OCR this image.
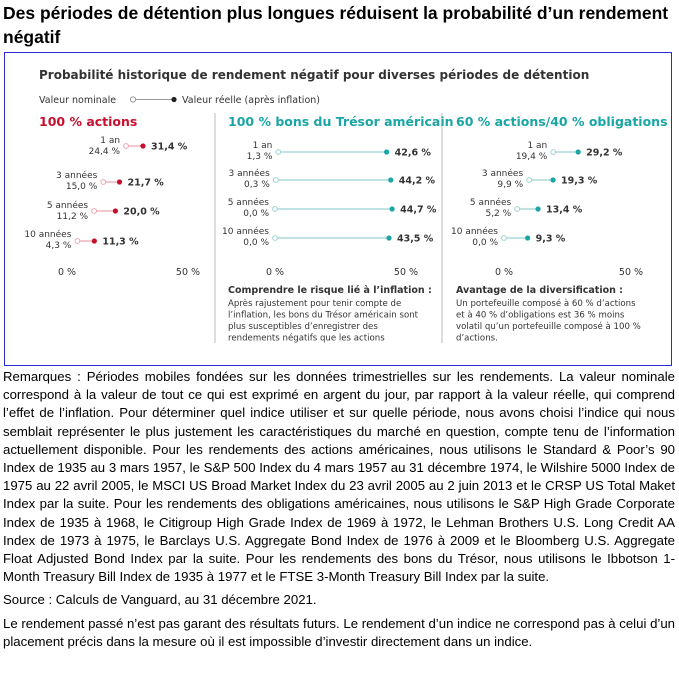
Des périodes de détention plus longues réduisent la probabilité d’un rendement négatif
Probabilité historique de rendement négatif pour diverses périodes de détention
Valeur nominale	Valeur réelle (après inflation)
100 % actions
1 an
24,4 %	31,4 %
3 années
15,0 %	21,7 %
5 années
11,2 %	20,0 %
10 années
4,3 %	11,3 %
0 %	50 %
100 % bons du Trésor américain
1 an
1,3 %	42,6 %
3 années
0,3 %	44,2 %
5 années
0,0 %	44,7 %
10 années
0,0 %	43,5 %
0 %	50 %
Comprendre le risque lié à l’inflation :
Après rajustement pour tenir compte de
l’inflation, les bons du Trésor américain sont
plus susceptibles d’enregistrer des
rendements négatifs que les actions
60 % actions/40 % obligations
1 an
19,4 %	29,2 %
3 années
9,9 %	19,3 %
5 années
5,2 %	13,4 %
10 années
0,0 %	9,3 %
0 %	50 %
Avantage de la diversification :
Un portefeuille composé à 60 % d’actions
et à 40 % d’obligations est 36 % moins
volatil qu’un portefeuille composé à 100 %
d’actions.

Remarques : Périodes mobiles fondées sur les données trimestrielles sur les rendements. La valeur nominale correspond à la valeur de tout ce qui est exprimé en argent du jour, par rapport à la valeur réelle, qui comprend l’effet de l’inflation. Pour déterminer quel indice utiliser et sur quelle période, nous avons choisi l’indice qui nous semblait représenter le plus justement les caractéristiques du marché en question, compte tenu de l’information actuellement disponible. Pour les rendements des actions américaines, nous utilisons le Standard & Poor’s 90 Index de 1935 au 3 mars 1957, le S&P 500 Index du 4 mars 1957 au 31 décembre 1974, le Wilshire 5000 Index de 1975 au 22 avril 2005, le MSCI US Broad Market Index du 23 avril 2005 au 2 juin 2013 et le CRSP US Total Maket Index par la suite. Pour les rendements des obligations américaines, nous utilisons le S&P High Grade Corporate Index de 1935 à 1968, le Citigroup High Grade Index de 1969 à 1972, le Lehman Brothers U.S. Long Credit AA Index de 1973 à 1975, le Barclays U.S. Aggregate Bond Index de 1976 à 2009 et le Bloomberg U.S. Aggregate Float Adjusted Bond Index par la suite. Pour les rendements des bons du Trésor, nous utilisons le Ibbotson 1-Month Treasury Bill Index de 1935 à 1977 et le FTSE 3-Month Treasury Bill Index par la suite.

Source : Calculs de Vanguard, au 31 décembre 2021.

Le rendement passé n’est pas garant des résultats futurs. Le rendement d’un indice ne correspond pas à celui d’un placement précis dans la mesure où il est impossible d’investir directement dans un indice.
